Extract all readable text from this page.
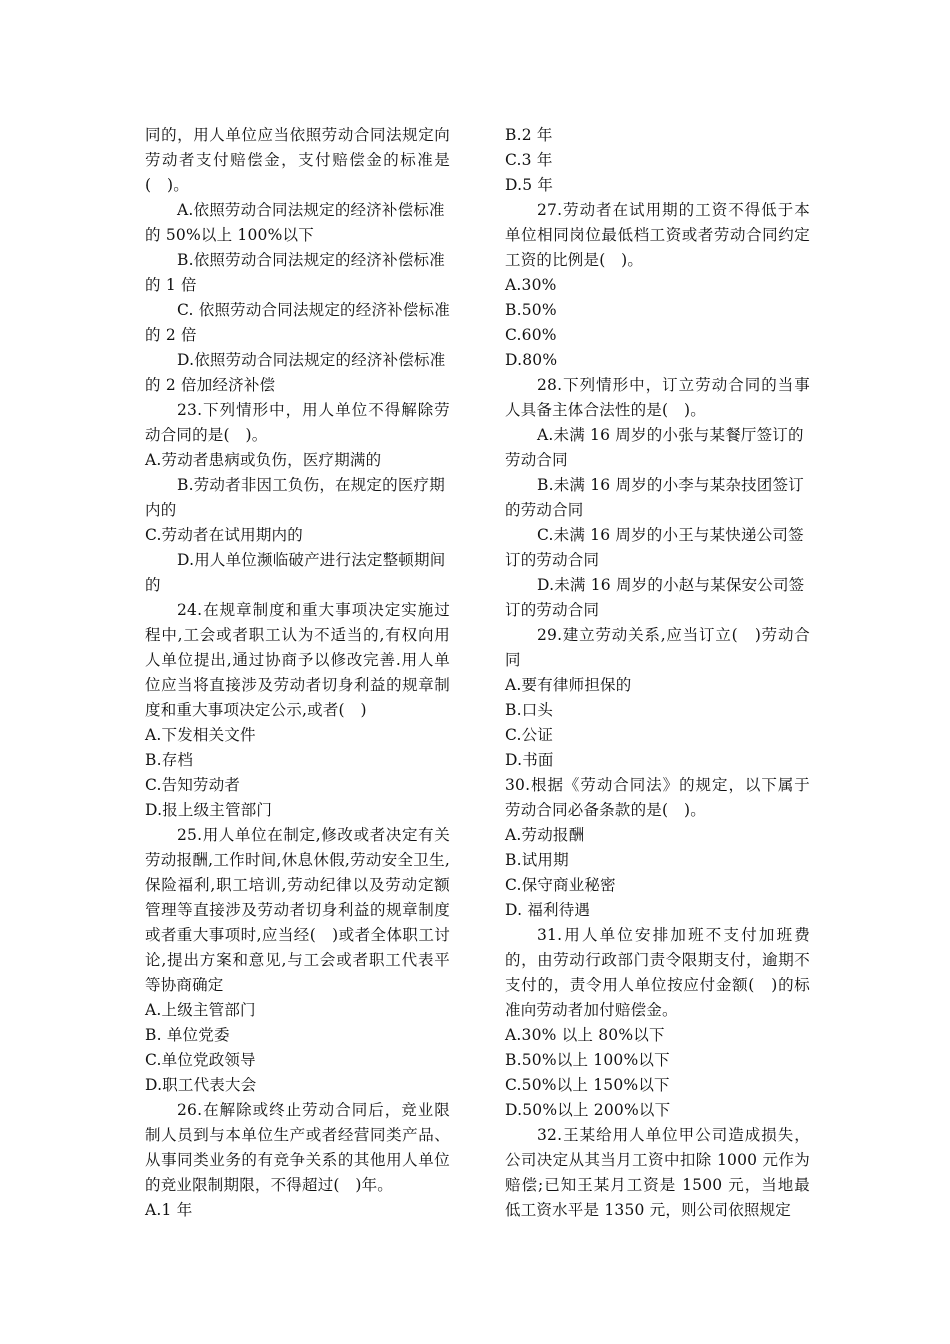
同的，用人单位应当依照劳动合同法规定向劳动者支付赔偿金，支付赔偿金的标准是(　)。

A.依照劳动合同法规定的经济补偿标准的 50%以上 100%以下

B.依照劳动合同法规定的经济补偿标准的 1 倍

C. 依照劳动合同法规定的经济补偿标准的 2 倍

D.依照劳动合同法规定的经济补偿标准的 2 倍加经济补偿

23.下列情形中，用人单位不得解除劳动合同的是(　)。

A.劳动者患病或负伤，医疗期满的

B.劳动者非因工负伤，在规定的医疗期内的

C.劳动者在试用期内的

D.用人单位濒临破产进行法定整顿期间的

24.在规章制度和重大事项决定实施过程中,工会或者职工认为不适当的,有权向用人单位提出,通过协商予以修改完善.用人单位应当将直接涉及劳动者切身利益的规章制度和重大事项决定公示,或者(　)

A.下发相关文件

B.存档

C.告知劳动者

D.报上级主管部门

25.用人单位在制定,修改或者决定有关劳动报酬,工作时间,休息休假,劳动安全卫生,保险福利,职工培训,劳动纪律以及劳动定额管理等直接涉及劳动者切身利益的规章制度或者重大事项时,应当经(　)或者全体职工讨论,提出方案和意见,与工会或者职工代表平等协商确定

A.上级主管部门

B. 单位党委

C.单位党政领导

D.职工代表大会

26.在解除或终止劳动合同后，竞业限制人员到与本单位生产或者经营同类产品、从事同类业务的有竞争关系的其他用人单位的竞业限制期限，不得超过(　)年。

A.1 年

B.2 年

C.3 年

D.5 年

27.劳动者在试用期的工资不得低于本单位相同岗位最低档工资或者劳动合同约定工资的比例是(　)。

A.30%

B.50%

C.60%

D.80%

28.下列情形中，订立劳动合同的当事人具备主体合法性的是(　)。

A.未满 16 周岁的小张与某餐厅签订的劳动合同

B.未满 16 周岁的小李与某杂技团签订的劳动合同

C.未满 16 周岁的小王与某快递公司签订的劳动合同

D.未满 16 周岁的小赵与某保安公司签订的劳动合同

29.建立劳动关系,应当订立(　)劳动合同

A.要有律师担保的

B.口头

C.公证

D.书面

30.根据《劳动合同法》的规定，以下属于劳动合同必备条款的是(　)。

A.劳动报酬

B.试用期

C.保守商业秘密

D. 福利待遇

31.用人单位安排加班不支付加班费的，由劳动行政部门责令限期支付，逾期不支付的，责令用人单位按应付金额(　)的标准向劳动者加付赔偿金。

A.30% 以上 80%以下

B.50%以上 100%以下

C.50%以上 150%以下

D.50%以上 200%以下

32.王某给用人单位甲公司造成损失，公司决定从其当月工资中扣除 1000 元作为赔偿;已知王某月工资是 1500 元，当地最低工资水平是 1350 元，则公司依照规定
